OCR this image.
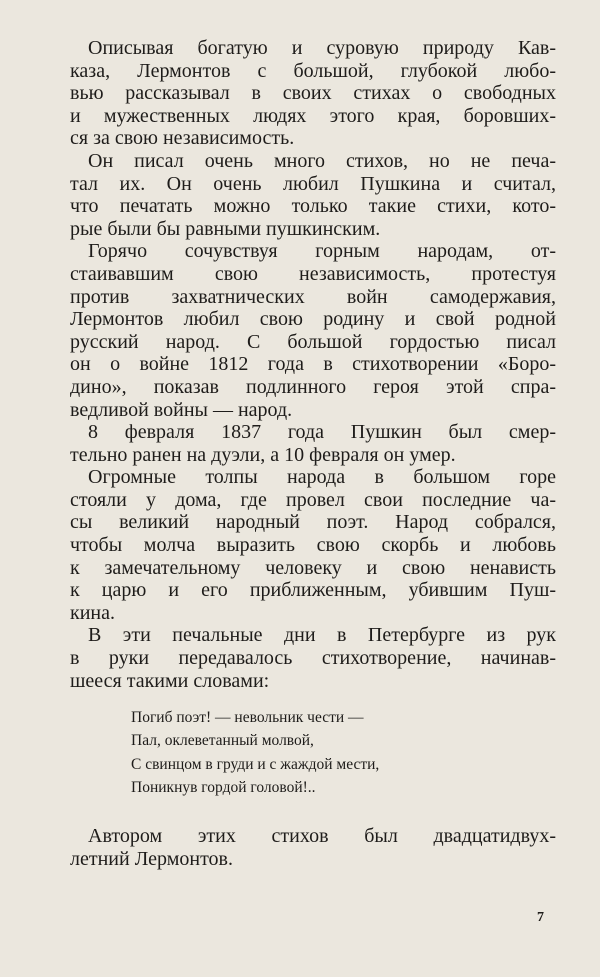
Описывая богатую и суровую природу Кав-
каза, Лермонтов с большой, глубокой любо-
вью рассказывал в своих стихах о свободных
и мужественных людях этого края, боровших-
ся за свою независимость.
Он писал очень много стихов, но не печа-
тал их. Он очень любил Пушкина и считал,
что печатать можно только такие стихи, кото-
рые были бы равными пушкинским.
Горячо сочувствуя горным народам, от-
стаивавшим свою независимость, протестуя
против захватнических войн самодержавия,
Лермонтов любил свою родину и свой родной
русский народ. С большой гордостью писал
он о войне 1812 года в стихотворении «Боро-
дино», показав подлинного героя этой спра-
ведливой войны — народ.
8 февраля 1837 года Пушкин был смер-
тельно ранен на дуэли, а 10 февраля он умер.
Огромные толпы народа в большом горе
стояли у дома, где провел свои последние ча-
сы великий народный поэт. Народ собрался,
чтобы молча выразить свою скорбь и любовь
к замечательному человеку и свою ненависть
к царю и его приближенным, убившим Пуш-
кина.
В эти печальные дни в Петербурге из рук
в руки передавалось стихотворение, начинав-
шееся такими словами:
Погиб поэт! — невольник чести —
Пал, оклеветанный молвой,
С свинцом в груди и с жаждой мести,
Поникнув гордой головой!..
Автором этих стихов был двадцатидвух-
летний Лермонтов.
7
